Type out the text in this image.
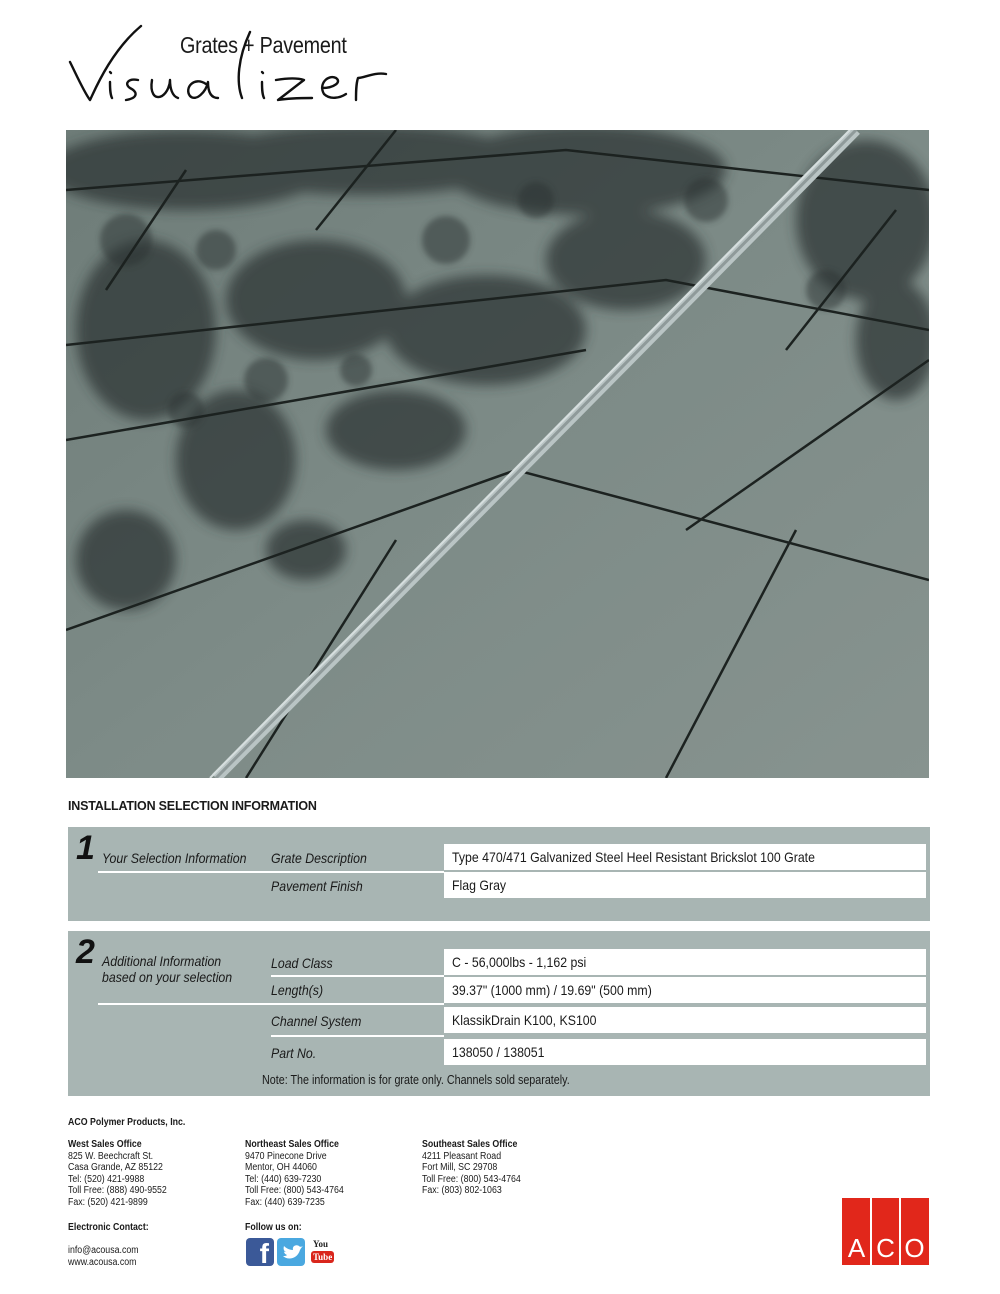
Grates + Pavement
INSTALLATION SELECTION INFORMATION
1 Your Selection Information Grate Description	Type 470/471 Galvanized Steel Heel Resistant Brickslot 100 Grate
Pavement Finish	Flag Gray
2 Additional Information
based on your selection
Load Class	C - 56,000lbs - 1,162 psi
Length(s)	39.37" (1000 mm) / 19.69" (500 mm)
Channel System	KlassikDrain K100, KS100
Part No.	138050 / 138051
Note: The information is for grate only. Channels sold separately.
ACO Polymer Products, Inc.
West Sales Office
825 W. Beechcraft St.
Casa Grande, AZ 85122
Tel: (520) 421-9988
Toll Free: (888) 490-9552
Fax: (520) 421-9899
Northeast Sales Office
9470 Pinecone Drive
Mentor, OH 44060
Tel: (440) 639-7230
Toll Free: (800) 543-4764
Fax: (440) 639-7235
Southeast Sales Office
4211 Pleasant Road
Fort Mill, SC 29708
Toll Free: (800) 543-4764
Fax: (803) 802-1063
Electronic Contact:
info@acousa.com
www.acousa.com
Follow us on:
f	You
Tube	A C O
